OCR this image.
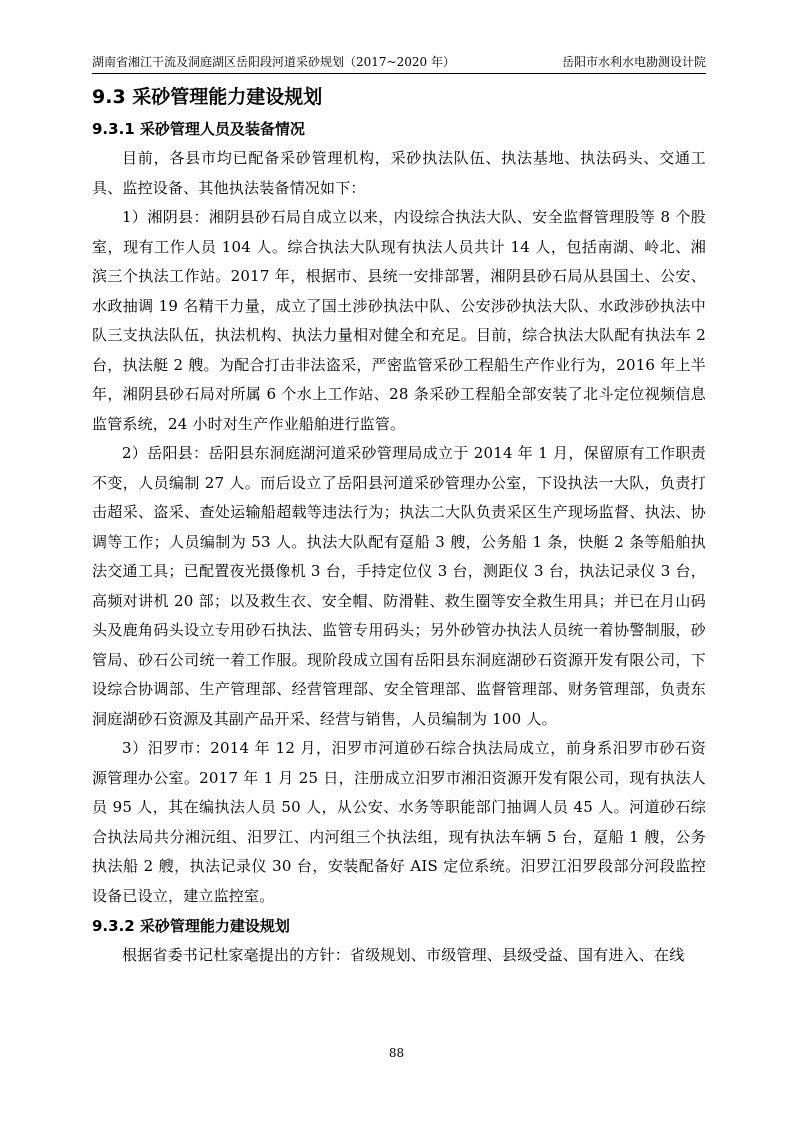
湖南省湘江干流及洞庭湖区岳阳段河道采砂规划（2017~2020 年）	岳阳市水利水电勘测设计院
9.3 采砂管理能力建设规划
9.3.1 采砂管理人员及装备情况

目前，各县市均已配备采砂管理机构，采砂执法队伍、执法基地、执法码头、交通工具、监控设备、其他执法装备情况如下：

1）湘阴县：湘阴县砂石局自成立以来，内设综合执法大队、安全监督管理股等 8 个股室，现有工作人员 104 人。综合执法大队现有执法人员共计 14 人，包括南湖、岭北、湘滨三个执法工作站。2017 年，根据市、县统一安排部署，湘阴县砂石局从县国土、公安、水政抽调 19 名精干力量，成立了国土涉砂执法中队、公安涉砂执法大队、水政涉砂执法中队三支执法队伍，执法机构、执法力量相对健全和充足。目前，综合执法大队配有执法车 2 台，执法艇 2 艘。为配合打击非法盗采，严密监管采砂工程船生产作业行为，2016 年上半年，湘阴县砂石局对所属 6 个水上工作站、28 条采砂工程船全部安装了北斗定位视频信息监管系统，24 小时对生产作业船舶进行监管。

2）岳阳县：岳阳县东洞庭湖河道采砂管理局成立于 2014 年 1 月，保留原有工作职责不变，人员编制 27 人。而后设立了岳阳县河道采砂管理办公室，下设执法一大队，负责打击超采、盗采、查处运输船超载等违法行为；执法二大队负责采区生产现场监督、执法、协调等工作；人员编制为 53 人。执法大队配有趸船 3 艘，公务船 1 条，快艇 2 条等船舶执法交通工具；已配置夜光摄像机 3 台，手持定位仪 3 台，测距仪 3 台，执法记录仪 3 台，高频对讲机 20 部；以及救生衣、安全帽、防滑鞋、救生圈等安全救生用具；并已在月山码头及鹿角码头设立专用砂石执法、监管专用码头；另外砂管办执法人员统一着协警制服，砂管局、砂石公司统一着工作服。现阶段成立国有岳阳县东洞庭湖砂石资源开发有限公司，下设综合协调部、生产管理部、经营管理部、安全管理部、监督管理部、财务管理部，负责东洞庭湖砂石资源及其副产品开采、经营与销售，人员编制为 100 人。

3）汨罗市：2014 年 12 月，汨罗市河道砂石综合执法局成立，前身系汨罗市砂石资源管理办公室。2017 年 1 月 25 日，注册成立汨罗市湘汨资源开发有限公司，现有执法人员 95 人，其在编执法人员 50 人，从公安、水务等职能部门抽调人员 45 人。河道砂石综合执法局共分湘沅组、汨罗江、内河组三个执法组，现有执法车辆 5 台，趸船 1 艘，公务执法船 2 艘，执法记录仪 30 台，安装配备好 AIS 定位系统。汨罗江汨罗段部分河段监控设备已设立，建立监控室。

9.3.2 采砂管理能力建设规划

根据省委书记杜家毫提出的方针：省级规划、市级管理、县级受益、国有进入、在线

88
